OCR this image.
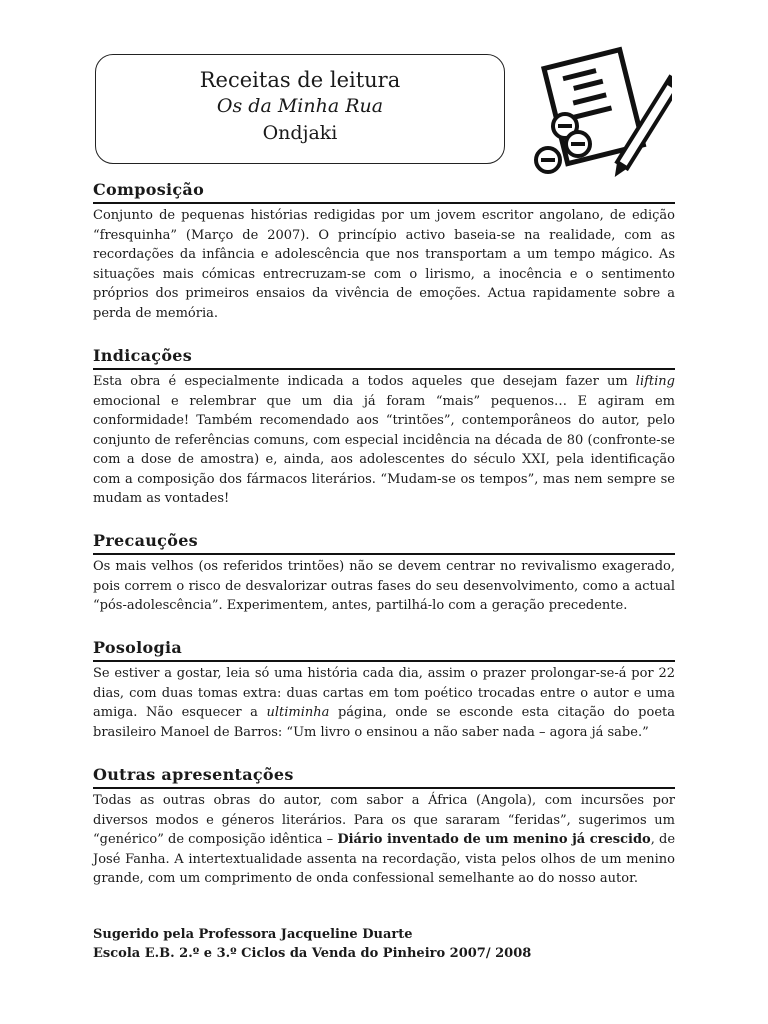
Receitas de leitura
Os da Minha Rua
Ondjaki
Composição

Conjunto de pequenas histórias redigidas por um jovem escritor angolano, de edição “fresquinha” (Março de 2007). O princípio activo baseia-se na realidade, com as recordações da infância e adolescência que nos transportam a um tempo mágico. As situações mais cómicas entrecruzam-se com o lirismo, a inocência e o sentimento próprios dos primeiros ensaios da vivência de emoções. Actua rapidamente sobre a perda de memória.

Indicações

Esta obra é especialmente indicada a todos aqueles que desejam fazer um lifting emocional e relembrar que um dia já foram “mais” pequenos… E agiram em conformidade! Também recomendado aos “trintões”, contemporâneos do autor, pelo conjunto de referências comuns, com especial incidência na década de 80 (confronte-se com a dose de amostra) e, ainda, aos adolescentes do século XXI, pela identificação com a composição dos fármacos literários. “Mudam-se os tempos”, mas nem sempre se mudam as vontades!

Precauções

Os mais velhos (os referidos trintões) não se devem centrar no revivalismo exagerado, pois correm o risco de desvalorizar outras fases do seu desenvolvimento, como a actual “pós-adolescência”. Experimentem, antes, partilhá-lo com a geração precedente.

Posologia

Se estiver a gostar, leia só uma história cada dia, assim o prazer prolongar-se-á por 22 dias, com duas tomas extra: duas cartas em tom poético trocadas entre o autor e uma amiga. Não esquecer a ultiminha página, onde se esconde esta citação do poeta brasileiro Manoel de Barros: “Um livro o ensinou a não saber nada – agora já sabe.”

Outras apresentações

Todas as outras obras do autor, com sabor a África (Angola), com incursões por diversos modos e géneros literários. Para os que sararam “feridas”, sugerimos um “genérico” de composição idêntica – Diário inventado de um menino já crescido, de José Fanha. A intertextualidade assenta na recordação, vista pelos olhos de um menino grande, com um comprimento de onda confessional semelhante ao do nosso autor.

Sugerido pela Professora Jacqueline Duarte
Escola E.B. 2.º e 3.º Ciclos da Venda do Pinheiro 2007/ 2008
